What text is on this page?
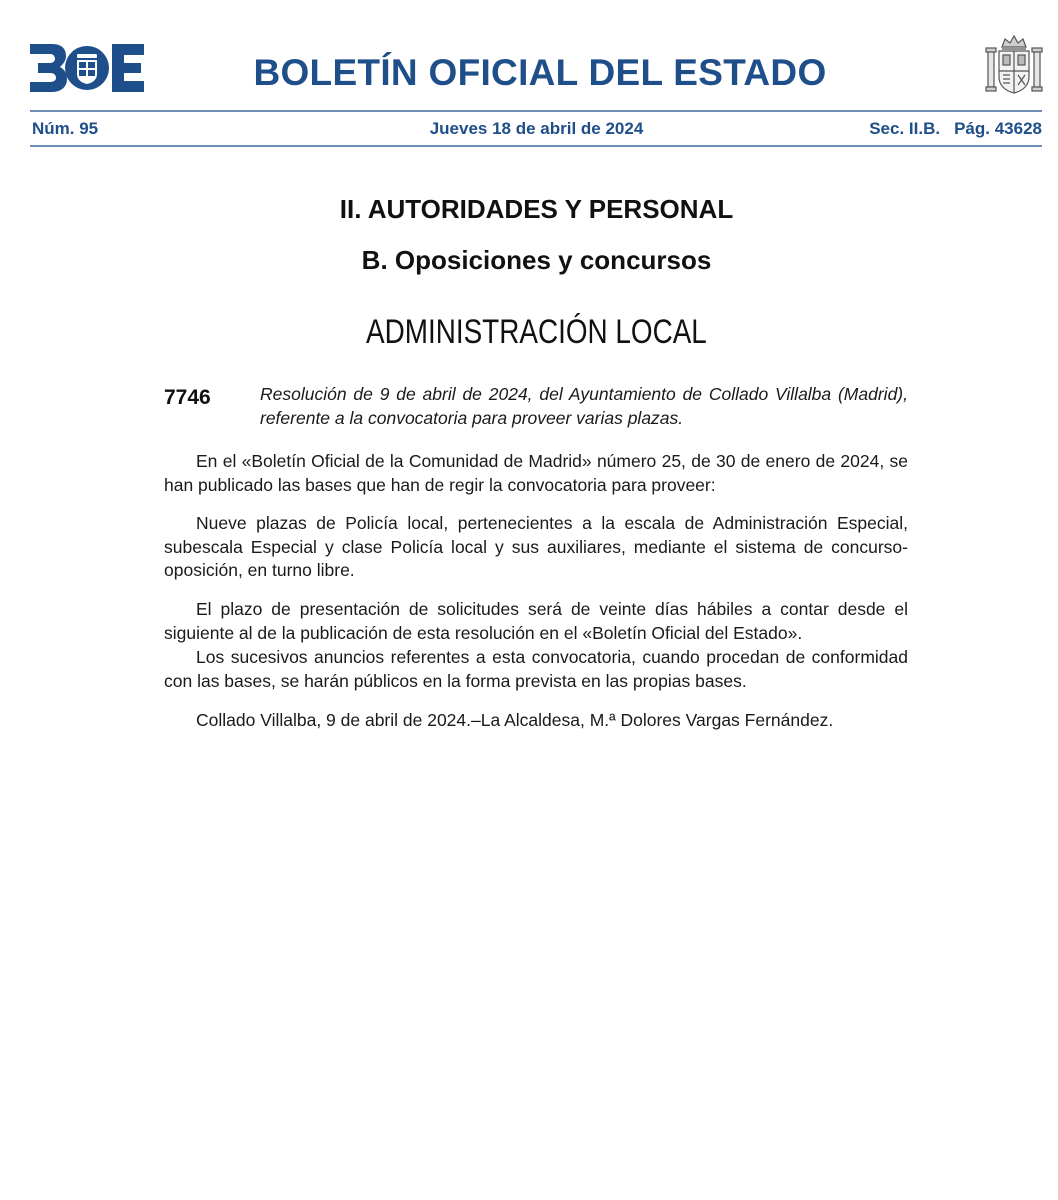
BOLETÍN OFICIAL DEL ESTADO
Núm. 95	Jueves 18 de abril de 2024	Sec. II.B. Pág. 43628
II. AUTORIDADES Y PERSONAL
B. Oposiciones y concursos
ADMINISTRACIÓN LOCAL
7746	Resolución de 9 de abril de 2024, del Ayuntamiento de Collado Villalba (Madrid), referente a la convocatoria para proveer varias plazas.

En el «Boletín Oficial de la Comunidad de Madrid» número 25, de 30 de enero de 2024, se han publicado las bases que han de regir la convocatoria para proveer:

Nueve plazas de Policía local, pertenecientes a la escala de Administración Especial, subescala Especial y clase Policía local y sus auxiliares, mediante el sistema de concurso-oposición, en turno libre.

El plazo de presentación de solicitudes será de veinte días hábiles a contar desde el siguiente al de la publicación de esta resolución en el «Boletín Oficial del Estado».

Los sucesivos anuncios referentes a esta convocatoria, cuando procedan de conformidad con las bases, se harán públicos en la forma prevista en las propias bases.

Collado Villalba, 9 de abril de 2024.–La Alcaldesa, M.ª Dolores Vargas Fernández.
